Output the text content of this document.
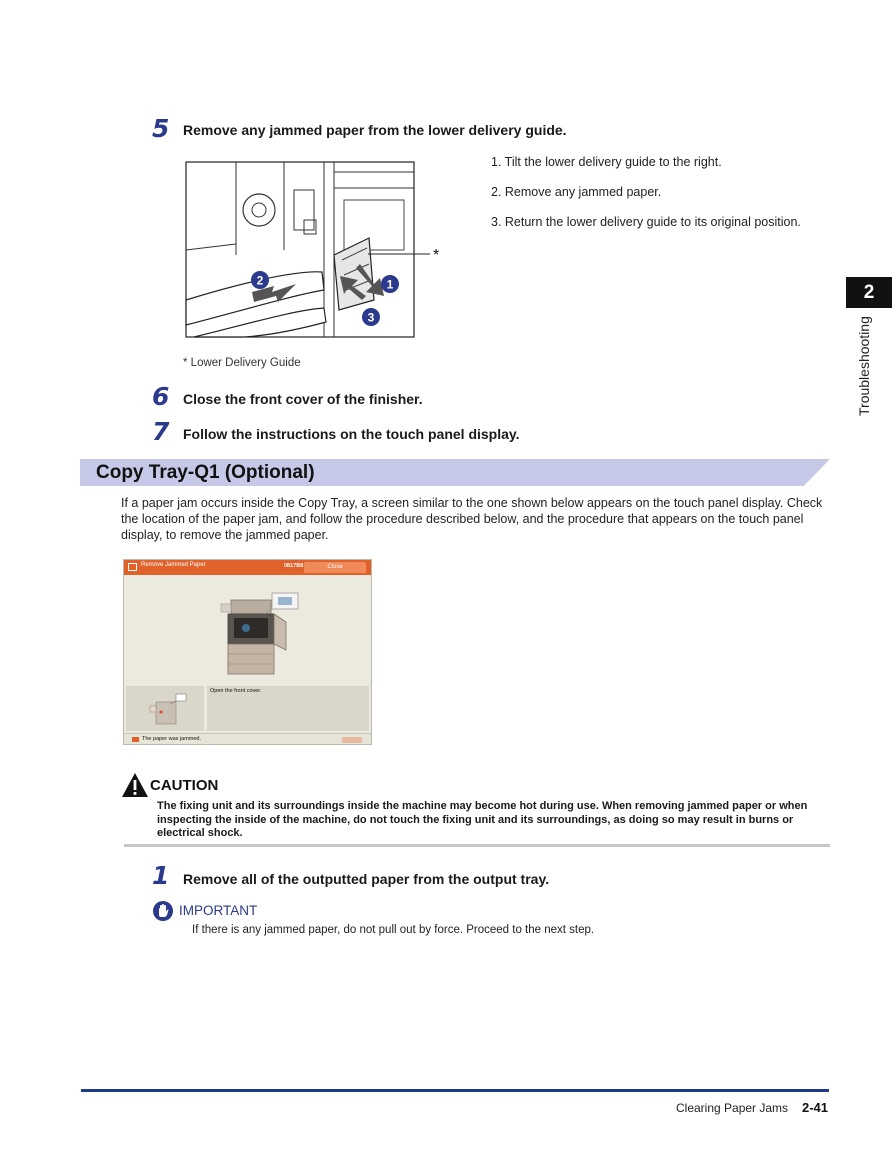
2
Troubleshooting
5 Remove any jammed paper from the lower delivery guide.
2	1
3
*
1. Tilt the lower delivery guide to the right.
2. Remove any jammed paper.
3. Return the lower delivery guide to its original position.
* Lower Delivery Guide
6 Close the front cover of the finisher.
7 Follow the instructions on the touch panel display.
Copy Tray-Q1 (Optional)
If a paper jam occurs inside the Copy Tray, a screen similar to the one shown below appears on the touch panel display. Check the location of the paper jam, and follow the procedure described below, and the procedure that appears on the touch panel display, to remove the jammed paper.
Remove Jammed Paper	0817B8	Close
Open the front cover.
The paper was jammed.
CAUTION
The fixing unit and its surroundings inside the machine may become hot during use. When removing jammed paper or when inspecting the inside of the machine, do not touch the fixing unit and its surroundings, as doing so may result in burns or electrical shock.
1 Remove all of the outputted paper from the output tray.
IMPORTANT
If there is any jammed paper, do not pull out by force. Proceed to the next step.
Clearing Paper Jams 2-41
